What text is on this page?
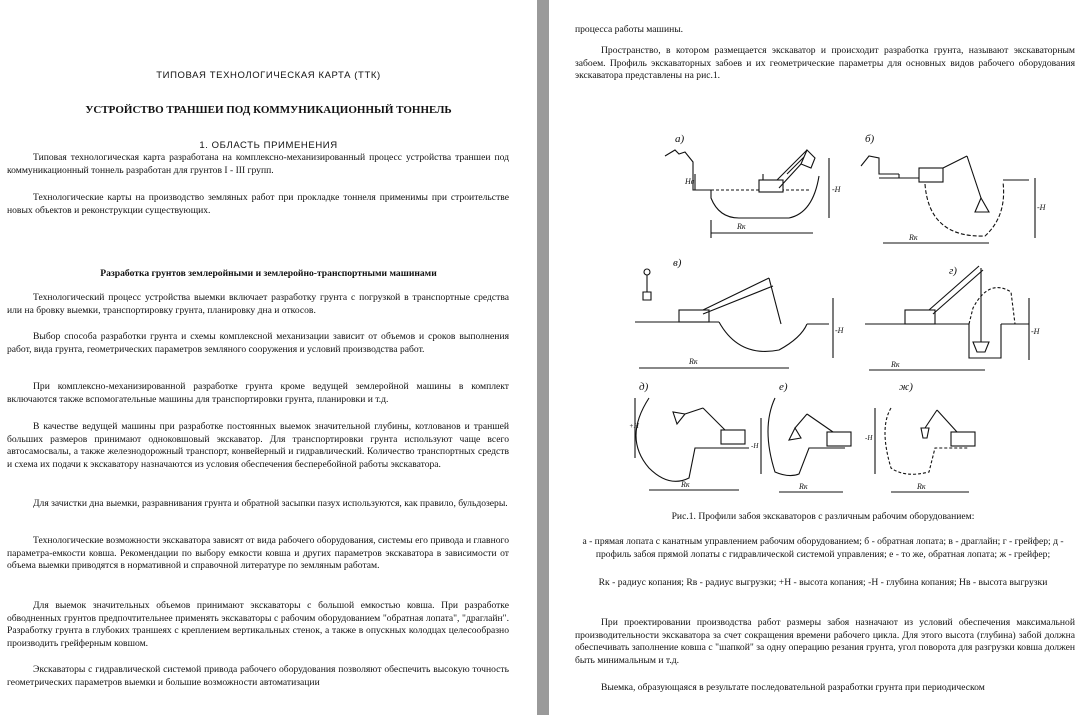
ТИПОВАЯ ТЕХНОЛОГИЧЕСКАЯ КАРТА (ТТК)
УСТРОЙСТВО ТРАНШЕИ ПОД КОММУНИКАЦИОННЫЙ ТОННЕЛЬ
1. ОБЛАСТЬ ПРИМЕНЕНИЯ

Типовая технологическая карта разработана на комплексно-механизированный процесс устройства траншеи под коммуникационный тоннель разработан для грунтов I - III групп.

Технологические карты на производство земляных работ при прокладке тоннеля применимы при строительстве новых объектов и реконструкции существующих.

Разработка грунтов землеройными и землеройно-транспортными машинами

Технологический процесс устройства выемки включает разработку грунта с погрузкой в транспортные средства или на бровку выемки, транспортировку грунта, планировку дна и откосов.

Выбор способа разработки грунта и схемы комплексной механизации зависит от объемов и сроков выполнения работ, вида грунта, геометрических параметров земляного сооружения и условий производства работ.

При комплексно-механизированной разработке грунта кроме ведущей землеройной машины в комплект включаются также вспомогательные машины для транспортировки грунта, планировки и т.д.

В качестве ведущей машины при разработке постоянных выемок значительной глубины, котлованов и траншей больших размеров принимают одноковшовый экскаватор. Для транспортировки грунта используют чаще всего автосамосвалы, а также железнодорожный транспорт, конвейерный и гидравлический. Количество транспортных средств и схема их подачи к экскаватору назначаются из условия обеспечения бесперебойной работы экскаватора.

Для зачистки дна выемки, разравнивания грунта и обратной засыпки пазух используются, как правило, бульдозеры.

Технологические возможности экскаватора зависят от вида рабочего оборудования, системы его привода и главного параметра-емкости ковша. Рекомендации по выбору емкости ковша и других параметров экскаватора в зависимости от объема выемки приводятся в нормативной и справочной литературе по земляным работам.

Для выемок значительных объемов принимают экскаваторы с большой емкостью ковша. При разработке обводненных грунтов предпочтительнее применять экскаваторы с рабочим оборудованием "обратная лопата", "драглайн". Разработку грунта в глубоких траншеях с креплением вертикальных стенок, а также в опускных колодцах целесообразно производить грейферным ковшом.

Экскаваторы с гидравлической системой привода рабочего оборудования позволяют обеспечить высокую точность геометрических параметров выемки и большие возможности автоматизации

процесса работы машины.

Пространство, в котором размещается экскаватор и происходит разработка грунта, называют экскаваторным забоем. Профиль экскаваторных забоев и их геометрические параметры для основных видов рабочего оборудования экскаватора представлены на рис.1.

а)
Rк
-H
Hв
б)
Rк
-H
в)
Rк
-H
г)
Rк
-H
д)
Rк
+H
е)
Rк
-H
ж)
Rк
-H
Рис.1. Профили забоя экскаваторов с различным рабочим оборудованием:
а - прямая лопата с канатным управлением рабочим оборудованием; б - обратная лопата; в - драглайн; г - грейфер; д - профиль забоя прямой лопаты с гидравлической системой управления; е - то же, обратная лопата; ж - грейфер;
Rк - радиус копания; Rв - радиус выгрузки; +H - высота копания; -H - глубина копания; Hв - высота выгрузки

При проектировании производства работ размеры забоя назначают из условий обеспечения максимальной производительности экскаватора за счет сокращения времени рабочего цикла. Для этого высота (глубина) забой должна обеспечивать заполнение ковша с "шапкой" за одну операцию резания грунта, угол поворота для разгрузки ковша должен быть минимальным и т.д.

Выемка, образующаяся в результате последовательной разработки грунта при периодическом
